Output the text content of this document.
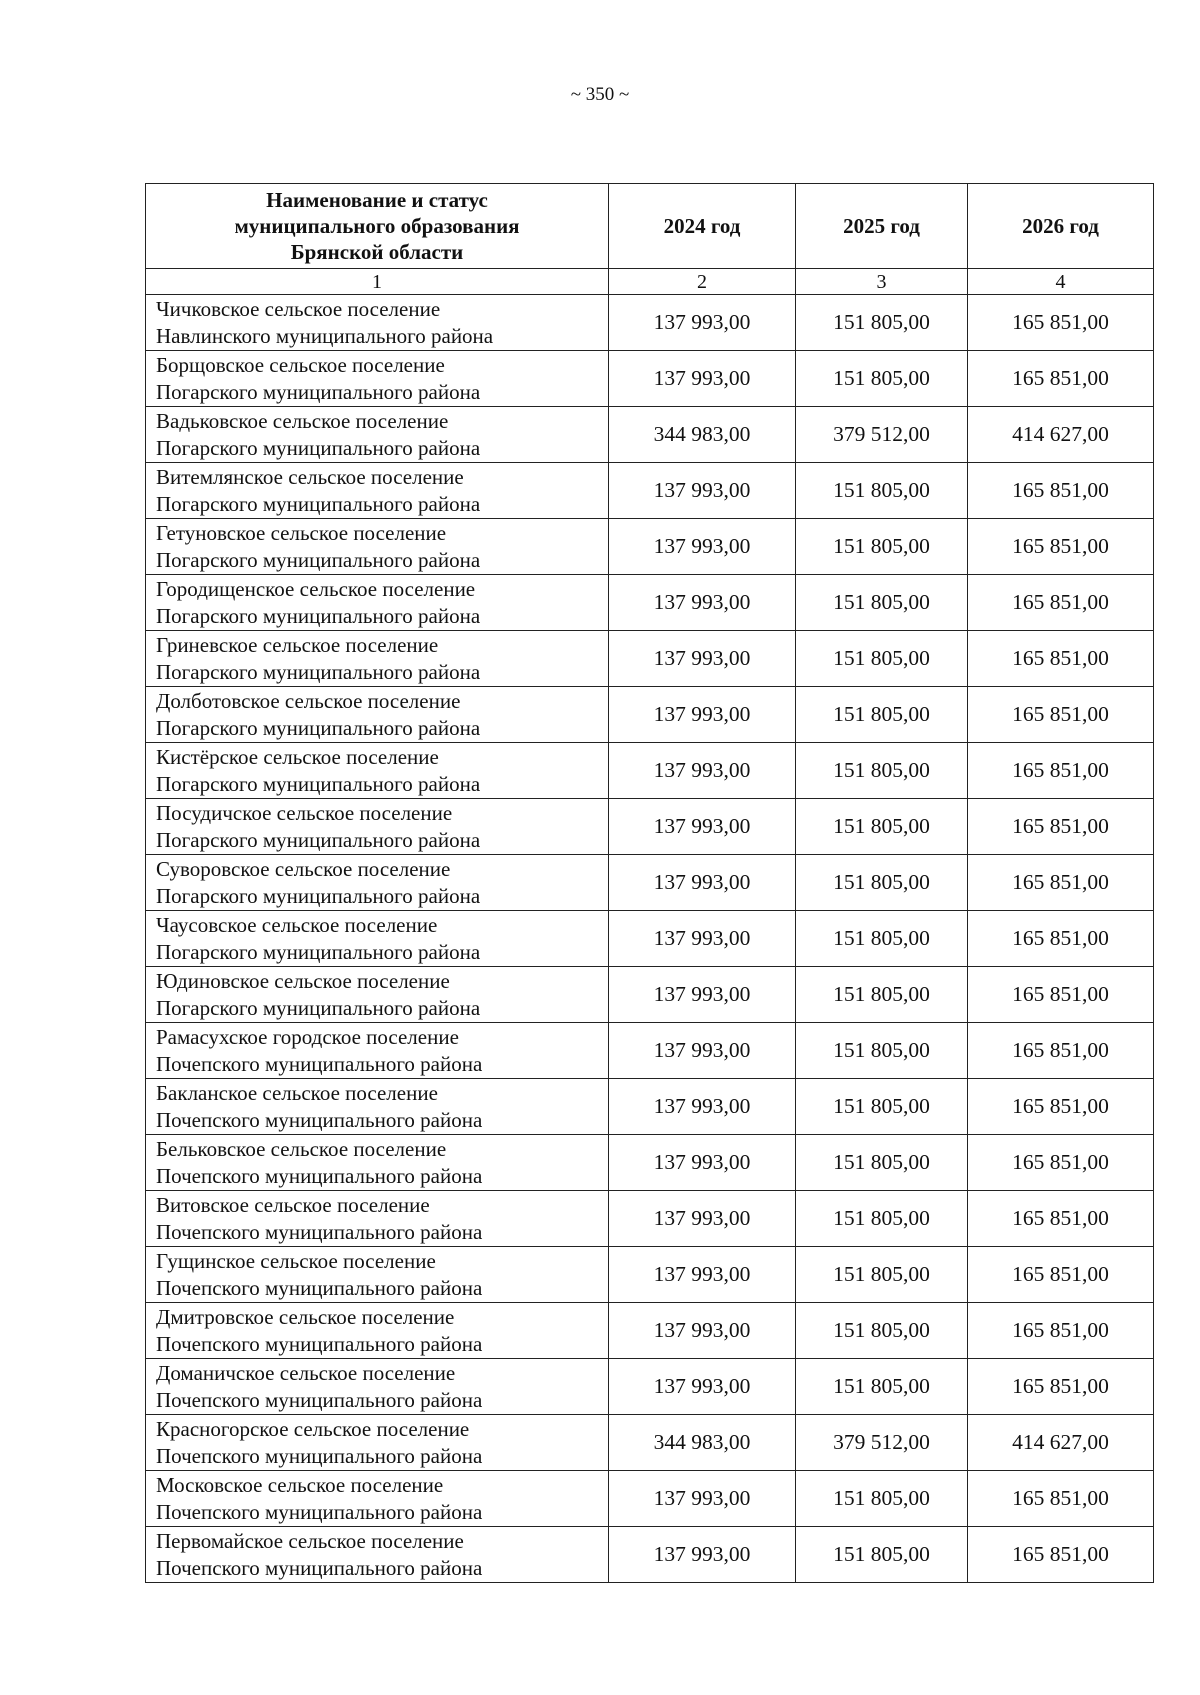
~ 350 ~
Наименование и статус
муниципального образования
Брянской области	2024 год	2025 год	2026 год
1	2	3	4

Чичковское сельское поселение
Навлинского муниципального района	137 993,00	151 805,00	165 851,00

Борщовское сельское поселение
Погарского муниципального района	137 993,00	151 805,00	165 851,00

Вадьковское сельское поселение
Погарского муниципального района	344 983,00	379 512,00	414 627,00

Витемлянское сельское поселение
Погарского муниципального района	137 993,00	151 805,00	165 851,00

Гетуновское сельское поселение
Погарского муниципального района	137 993,00	151 805,00	165 851,00

Городищенское сельское поселение
Погарского муниципального района	137 993,00	151 805,00	165 851,00

Гриневское сельское поселение
Погарского муниципального района	137 993,00	151 805,00	165 851,00

Долботовское сельское поселение
Погарского муниципального района	137 993,00	151 805,00	165 851,00

Кистёрское сельское поселение
Погарского муниципального района	137 993,00	151 805,00	165 851,00

Посудичское сельское поселение
Погарского муниципального района	137 993,00	151 805,00	165 851,00

Суворовское сельское поселение
Погарского муниципального района	137 993,00	151 805,00	165 851,00

Чаусовское сельское поселение
Погарского муниципального района	137 993,00	151 805,00	165 851,00

Юдиновское сельское поселение
Погарского муниципального района	137 993,00	151 805,00	165 851,00

Рамасухское городское поселение
Почепского муниципального района	137 993,00	151 805,00	165 851,00

Бакланское сельское поселение
Почепского муниципального района	137 993,00	151 805,00	165 851,00

Бельковское сельское поселение
Почепского муниципального района	137 993,00	151 805,00	165 851,00

Витовское сельское поселение
Почепского муниципального района	137 993,00	151 805,00	165 851,00

Гущинское сельское поселение
Почепского муниципального района	137 993,00	151 805,00	165 851,00

Дмитровское сельское поселение
Почепского муниципального района	137 993,00	151 805,00	165 851,00

Доманичское сельское поселение
Почепского муниципального района	137 993,00	151 805,00	165 851,00

Красногорское сельское поселение
Почепского муниципального района	344 983,00	379 512,00	414 627,00

Московское сельское поселение
Почепского муниципального района	137 993,00	151 805,00	165 851,00

Первомайское сельское поселение
Почепского муниципального района	137 993,00	151 805,00	165 851,00
